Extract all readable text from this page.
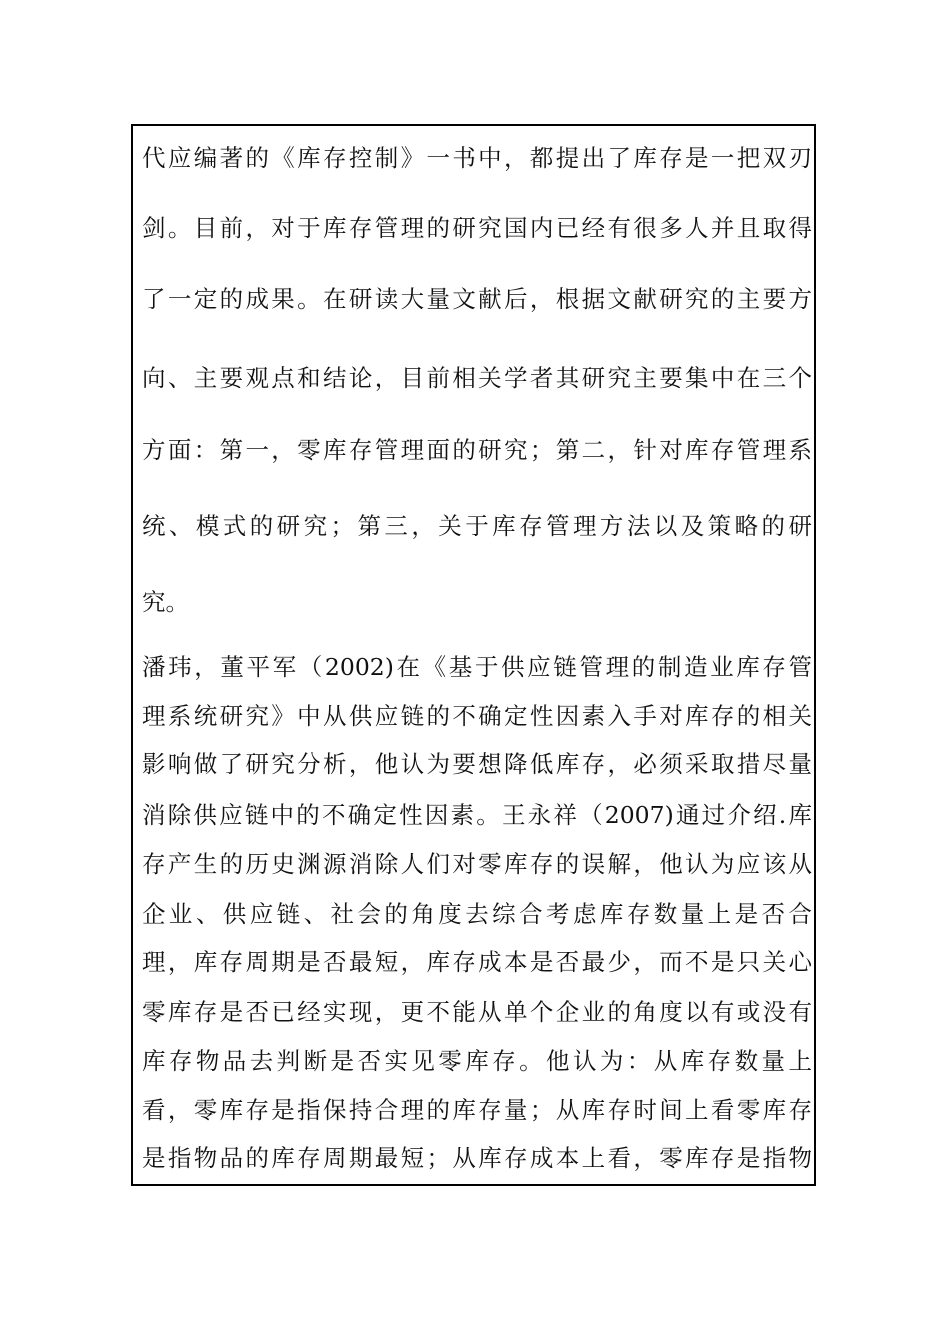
代应编著的《库存控制》一书中，都提出了库存是一把双刃
剑。目前，对于库存管理的研究国内已经有很多人并且取得
了一定的成果。在研读大量文献后，根据文献研究的主要方
向、主要观点和结论，目前相关学者其研究主要集中在三个
方面：第一，零库存管理面的研究；第二，针对库存管理系
统、模式的研究；第三，关于库存管理方法以及策略的研
究。
潘玮，董平军（2002)在《基于供应链管理的制造业库存管
理系统研究》中从供应链的不确定性因素入手对库存的相关
影响做了研究分析，他认为要想降低库存，必须采取措尽量
消除供应链中的不确定性因素。王永祥（2007)通过介绍.库
存产生的历史渊源消除人们对零库存的误解，他认为应该从
企业、供应链、社会的角度去综合考虑库存数量上是否合
理，库存周期是否最短，库存成本是否最少，而不是只关心
零库存是否已经实现，更不能从单个企业的角度以有或没有
库存物品去判断是否实见零库存。他认为：从库存数量上
看，零库存是指保持合理的库存量；从库存时间上看零库存
是指物品的库存周期最短；从库存成本上看，零库存是指物
